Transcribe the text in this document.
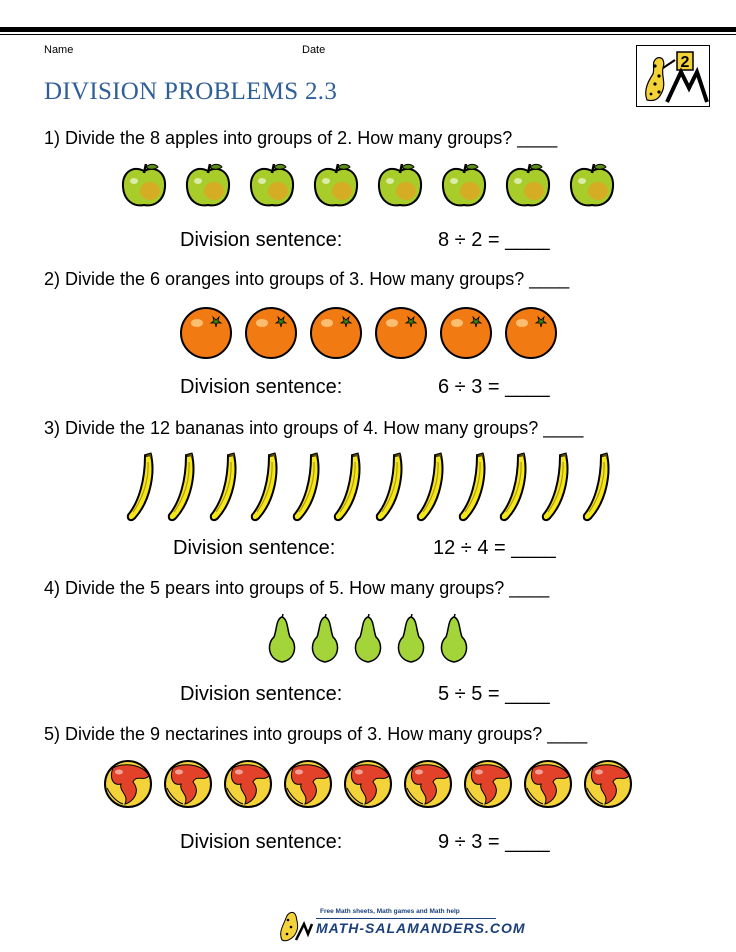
Name	Date
DIVISION PROBLEMS 2.3
2
1) Divide the 8 apples into groups of 2. How many groups? ____
Division sentence:	8 ÷ 2 = ____
2) Divide the 6 oranges into groups of 3. How many groups? ____
Division sentence:	6 ÷ 3 = ____
3) Divide the 12 bananas into groups of 4. How many groups? ____
Division sentence:	12 ÷ 4 = ____
4) Divide the 5 pears into groups of 5. How many groups? ____
Division sentence:	5 ÷ 5 = ____
5) Divide the 9 nectarines into groups of 3. How many groups? ____
Division sentence:	9 ÷ 3 = ____
Free Math sheets, Math games and Math help
MATH-SALAMANDERS.COM
